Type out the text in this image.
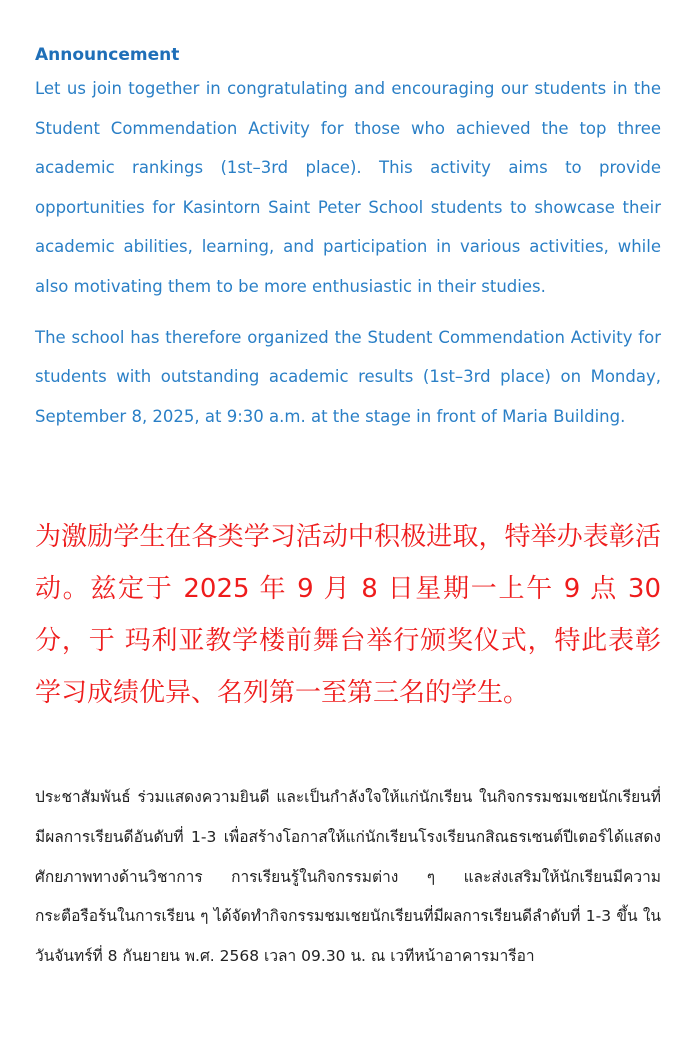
Announcement

Let us join together in congratulating and encouraging our students in the Student Commendation Activity for those who achieved the top three academic rankings (1st–3rd place). This activity aims to provide opportunities for Kasintorn Saint Peter School students to showcase their academic abilities, learning, and participation in various activities, while also motivating them to be more enthusiastic in their studies.

The school has therefore organized the Student Commendation Activity for students with outstanding academic results (1st–3rd place) on Monday, September 8, 2025, at 9:30 a.m. at the stage in front of Maria Building.

为激励学生在各类学习活动中积极进取，特举办表彰活动。兹定于 2025 年 9 月 8 日星期一上午 9 点 30 分，于 玛利亚教学楼前舞台举行颁奖仪式，特此表彰学习成绩优异、名列第一至第三名的学生。
ประชาสัมพันธ์ ร่วมแสดงความยินดี และเป็นกำลังใจให้แก่นักเรียน ในกิจกรรมชมเชยนักเรียนที่มีผลการเรียนดีอันดับที่ 1-3 เพื่อสร้างโอกาสให้แก่นักเรียนโรงเรียนกสิณธรเซนต์ปีเตอร์ได้แสดงศักยภาพทางด้านวิชาการ การเรียนรู้ในกิจกรรมต่าง ๆ และส่งเสริมให้นักเรียนมีความกระตือรือร้นในการเรียน ๆ ได้จัดทำกิจกรรมชมเชยนักเรียนที่มีผลการเรียนดีลำดับที่ 1-3 ขึ้น ในวันจันทร์ที่ 8 กันยายน พ.ศ. 2568 เวลา 09.30 น. ณ เวทีหน้าอาคารมารีอา
